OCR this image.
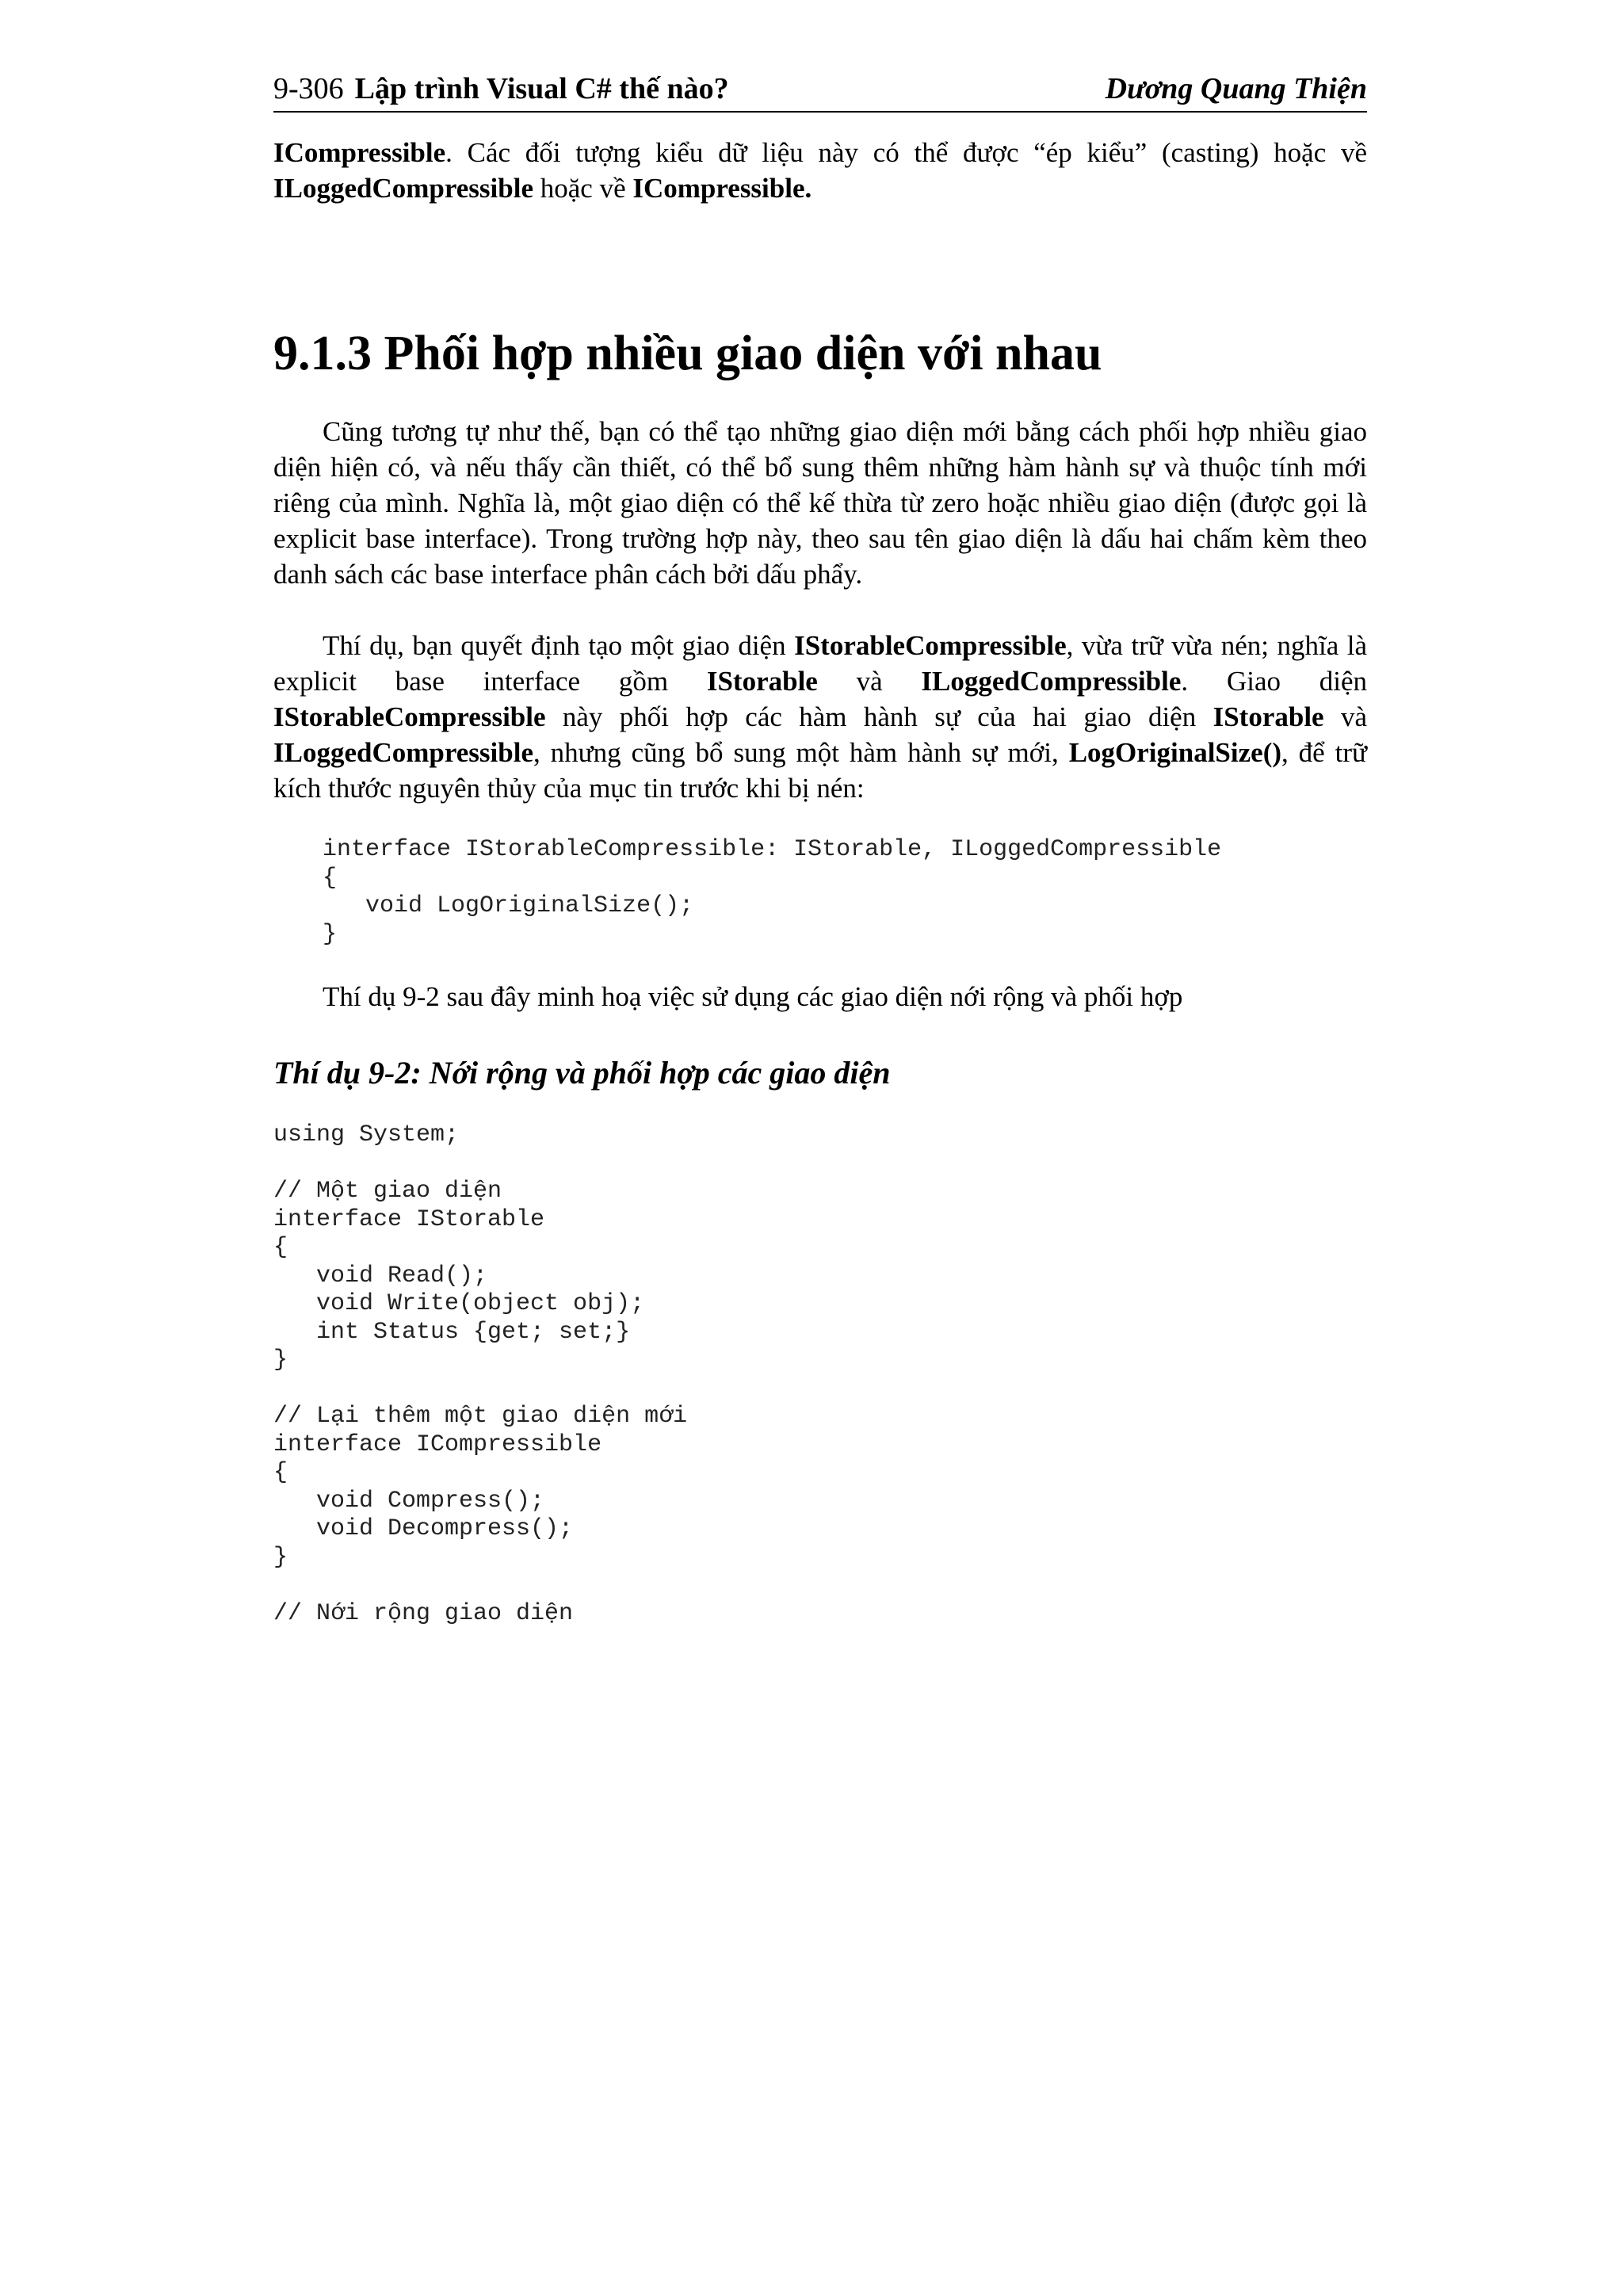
9-306 Lập trình Visual C# thế nào?	Dương Quang Thiện

ICompressible. Các đối tượng kiểu dữ liệu này có thể được “ép kiểu” (casting) hoặc về ILoggedCompressible hoặc về ICompressible.

9.1.3 Phối hợp nhiều giao diện với nhau

Cũng tương tự như thế, bạn có thể tạo những giao diện mới bằng cách phối hợp nhiều giao diện hiện có, và nếu thấy cần thiết, có thể bổ sung thêm những hàm hành sự và thuộc tính mới riêng của mình. Nghĩa là, một giao diện có thể kế thừa từ zero hoặc nhiều giao diện (được gọi là explicit base interface). Trong trường hợp này, theo sau tên giao diện là dấu hai chấm kèm theo danh sách các base interface phân cách bởi dấu phẩy.

Thí dụ, bạn quyết định tạo một giao diện IStorableCompressible, vừa trữ vừa nén; nghĩa là explicit base interface gồm IStorable và ILoggedCompressible. Giao diện IStorableCompressible này phối hợp các hàm hành sự của hai giao diện IStorable và ILoggedCompressible, nhưng cũng bổ sung một hàm hành sự mới, LogOriginalSize(), để trữ kích thước nguyên thủy của mục tin trước khi bị nén:

interface IStorableCompressible: IStorable, ILoggedCompressible
{
void LogOriginalSize();
}

Thí dụ 9-2 sau đây minh hoạ việc sử dụng các giao diện nới rộng và phối hợp

Thí dụ 9-2: Nới rộng và phối hợp các giao diện
using System;

// Một giao diện
interface IStorable
{
void Read();
void Write(object obj);
int Status {get; set;}
}

// Lại thêm một giao diện mới
interface ICompressible
{
void Compress();
void Decompress();
}

// Nới rộng giao diện
